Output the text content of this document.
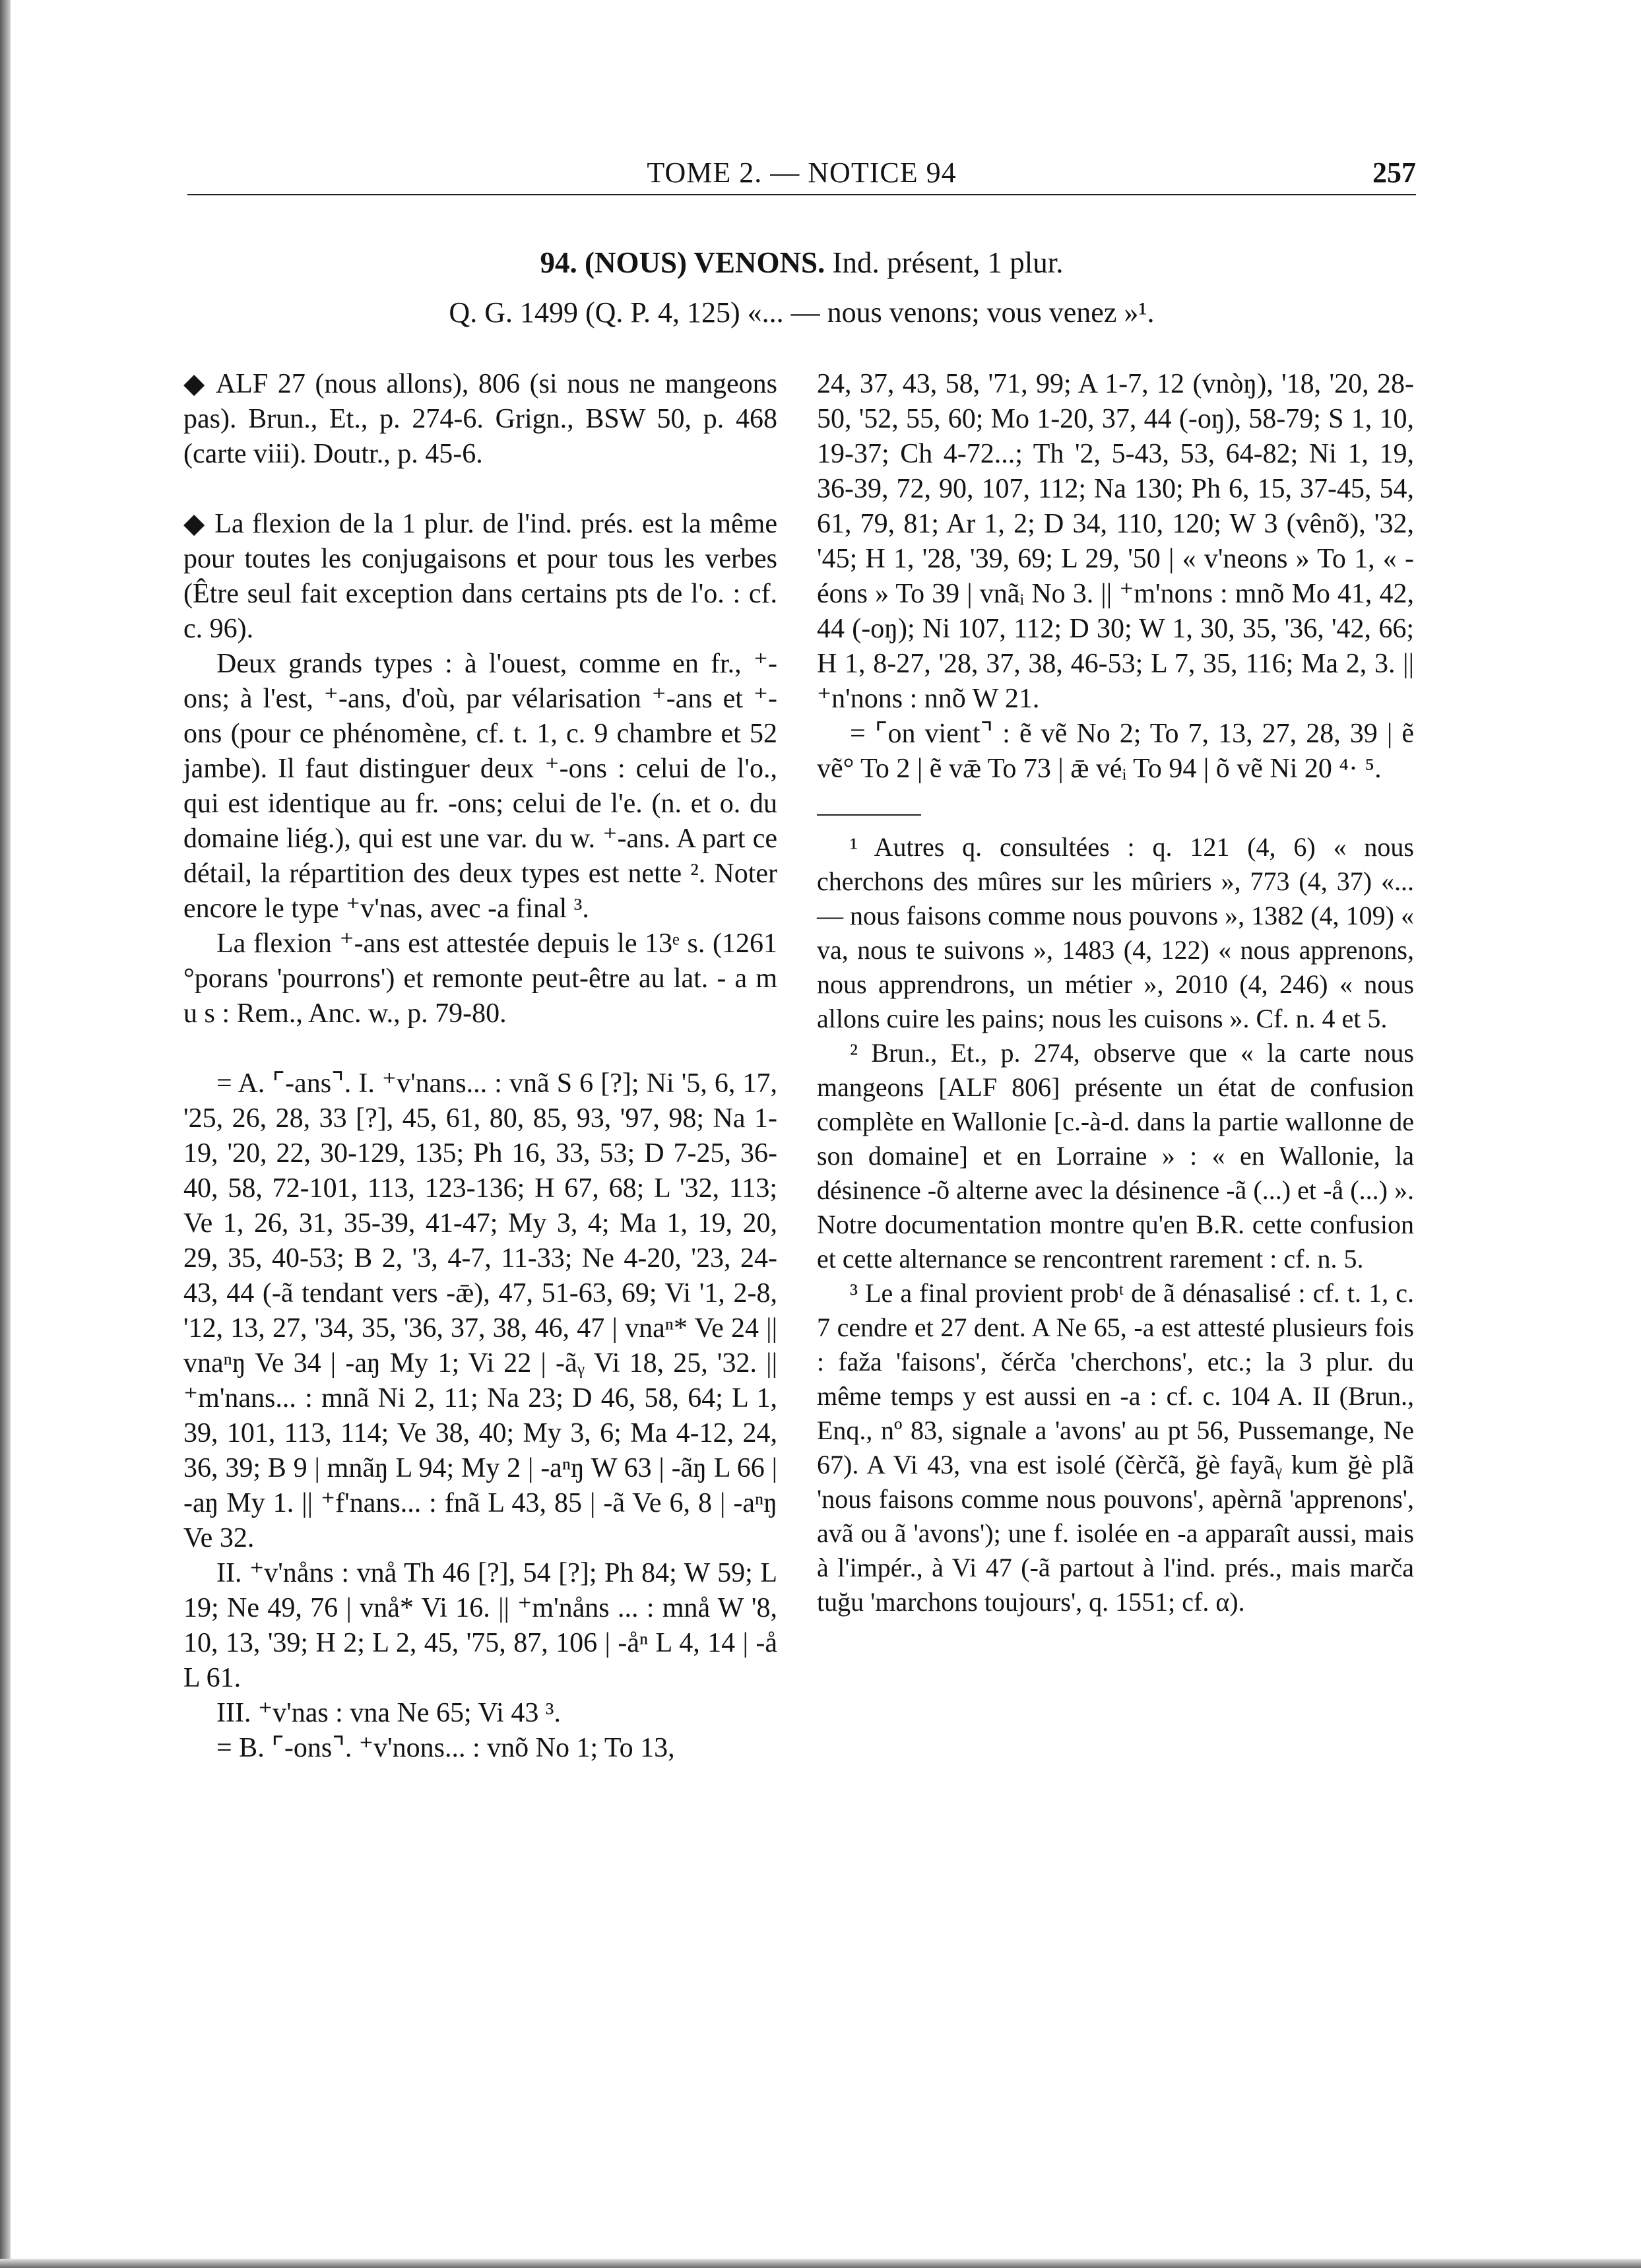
TOME 2. — NOTICE 94	257
94. (NOUS) VENONS. Ind. présent, 1 plur.
Q. G. 1499 (Q. P. 4, 125) «... — nous venons; vous venez »¹.

◆ ALF 27 (nous allons), 806 (si nous ne mangeons pas). Brun., Et., p. 274-6. Grign., BSW 50, p. 468 (carte viii). Doutr., p. 45-6.

◆ La flexion de la 1 plur. de l'ind. prés. est la même pour toutes les conjugaisons et pour tous les verbes (Être seul fait exception dans certains pts de l'o. : cf. c. 96).

Deux grands types : à l'ouest, comme en fr., ⁺-ons; à l'est, ⁺-ans, d'où, par vélarisation ⁺-ans et ⁺-ons (pour ce phénomène, cf. t. 1, c. 9 chambre et 52 jambe). Il faut distinguer deux ⁺-ons : celui de l'o., qui est identique au fr. -ons; celui de l'e. (n. et o. du domaine liég.), qui est une var. du w. ⁺-ans. A part ce détail, la répartition des deux types est nette ². Noter encore le type ⁺v'nas, avec -a final ³.

La flexion ⁺-ans est attestée depuis le 13ᵉ s. (1261 °porans 'pourrons') et remonte peut-être au lat. - a m u s : Rem., Anc. w., p. 79-80.

= A. ⌜-ans⌝. I. ⁺v'nans... : vnã S 6 [?]; Ni '5, 6, 17, '25, 26, 28, 33 [?], 45, 61, 80, 85, 93, '97, 98; Na 1-19, '20, 22, 30-129, 135; Ph 16, 33, 53; D 7-25, 36-40, 58, 72-101, 113, 123-136; H 67, 68; L '32, 113; Ve 1, 26, 31, 35-39, 41-47; My 3, 4; Ma 1, 19, 20, 29, 35, 40-53; B 2, '3, 4-7, 11-33; Ne 4-20, '23, 24-43, 44 (-ã tendant vers -ǣ), 47, 51-63, 69; Vi '1, 2-8, '12, 13, 27, '34, 35, '36, 37, 38, 46, 47 | vnaⁿ* Ve 24 || vnaⁿŋ Ve 34 | -aŋ My 1; Vi 22 | -ãᵧ Vi 18, 25, '32. || ⁺m'nans... : mnã Ni 2, 11; Na 23; D 46, 58, 64; L 1, 39, 101, 113, 114; Ve 38, 40; My 3, 6; Ma 4-12, 24, 36, 39; B 9 | mnãŋ L 94; My 2 | -aⁿŋ W 63 | -ãŋ L 66 | -aŋ My 1. || ⁺f'nans... : fnã L 43, 85 | -ã Ve 6, 8 | -aⁿŋ Ve 32.

II. ⁺v'nåns : vnå Th 46 [?], 54 [?]; Ph 84; W 59; L 19; Ne 49, 76 | vnå* Vi 16. || ⁺m'nåns ... : mnå W '8, 10, 13, '39; H 2; L 2, 45, '75, 87, 106 | -åⁿ L 4, 14 | -å L 61.

III. ⁺v'nas : vna Ne 65; Vi 43 ³.

= B. ⌜-ons⌝. ⁺v'nons... : vnõ No 1; To 13,

24, 37, 43, 58, '71, 99; A 1-7, 12 (vnòŋ), '18, '20, 28-50, '52, 55, 60; Mo 1-20, 37, 44 (-oŋ), 58-79; S 1, 10, 19-37; Ch 4-72...; Th '2, 5-43, 53, 64-82; Ni 1, 19, 36-39, 72, 90, 107, 112; Na 130; Ph 6, 15, 37-45, 54, 61, 79, 81; Ar 1, 2; D 34, 110, 120; W 3 (vênõ), '32, '45; H 1, '28, '39, 69; L 29, '50 | « v'neons » To 1, « -éons » To 39 | vnãᵢ No 3. || ⁺m'nons : mnõ Mo 41, 42, 44 (-oŋ); Ni 107, 112; D 30; W 1, 30, 35, '36, '42, 66; H 1, 8-27, '28, 37, 38, 46-53; L 7, 35, 116; Ma 2, 3. || ⁺n'nons : nnõ W 21.

= ⌜on vient⌝ : ẽ vẽ No 2; To 7, 13, 27, 28, 39 | ẽ vẽ° To 2 | ẽ vǣ To 73 | ǣ véᵢ To 94 | õ vẽ Ni 20 ⁴· ⁵.

¹ Autres q. consultées : q. 121 (4, 6) « nous cherchons des mûres sur les mûriers », 773 (4, 37) «... — nous faisons comme nous pouvons », 1382 (4, 109) « va, nous te suivons », 1483 (4, 122) « nous apprenons, nous apprendrons, un métier », 2010 (4, 246) « nous allons cuire les pains; nous les cuisons ». Cf. n. 4 et 5.

² Brun., Et., p. 274, observe que « la carte nous mangeons [ALF 806] présente un état de confusion complète en Wallonie [c.-à-d. dans la partie wallonne de son domaine] et en Lorraine » : « en Wallonie, la désinence -õ alterne avec la désinence -ã (...) et -å (...) ». Notre documentation montre qu'en B.R. cette confusion et cette alternance se rencontrent rarement : cf. n. 5.

³ Le a final provient probᵗ de ã dénasalisé : cf. t. 1, c. 7 cendre et 27 dent. A Ne 65, -a est attesté plusieurs fois : faža 'faisons', čérča 'cherchons', etc.; la 3 plur. du même temps y est aussi en -a : cf. c. 104 A. II (Brun., Enq., nº 83, signale a 'avons' au pt 56, Pussemange, Ne 67). A Vi 43, vna est isolé (čèrčã, ğè fayãᵧ kum ğè plã 'nous faisons comme nous pouvons', apèrnã 'apprenons', avã ou ã 'avons'); une f. isolée en -a apparaît aussi, mais à l'impér., à Vi 47 (-ã partout à l'ind. prés., mais marča tuğu 'marchons toujours', q. 1551; cf. α).
